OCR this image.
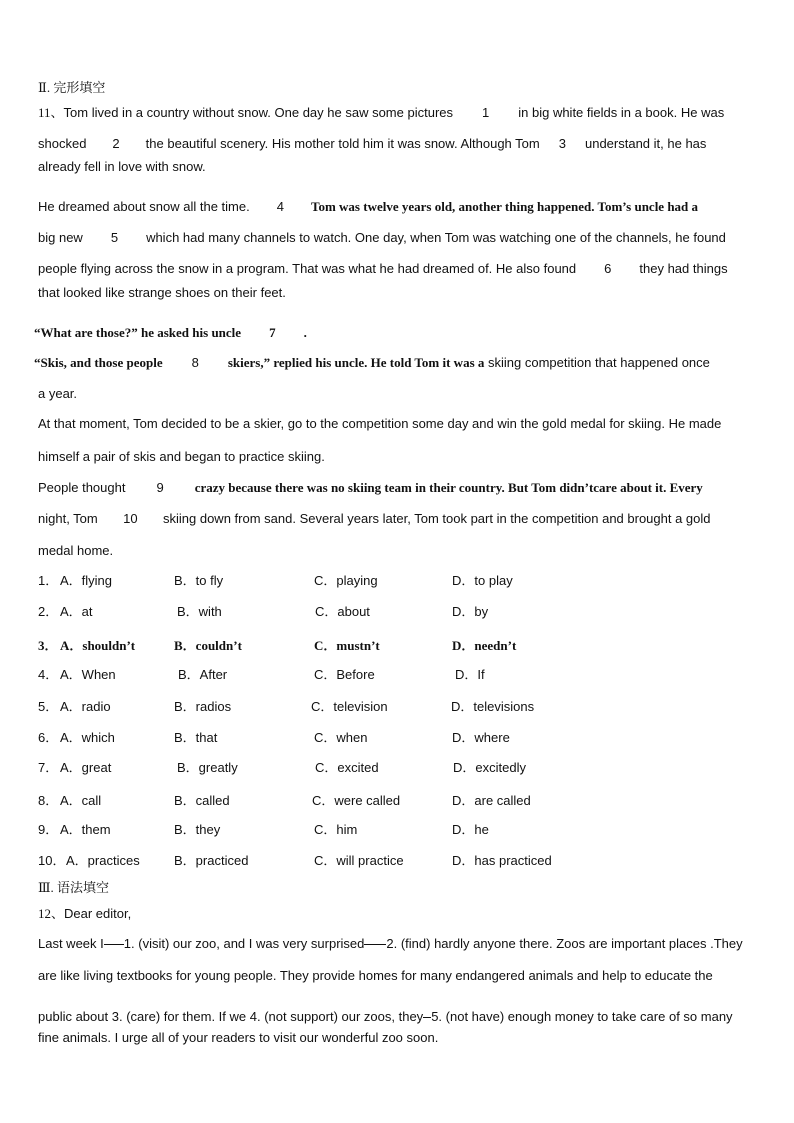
Ⅱ. 完形填空
11、Tom lived in a country without snow. One day he saw some pictures 1 in big white fields in a book. He was
shocked 2 the beautiful scenery. His mother told him it was snow. Although Tom 3 understand it, he has
already fell in love with snow.
He dreamed about snow all the time. 4 Tom was twelve years old, another thing happened. Tom’s uncle had a
big new 5 which had many channels to watch. One day, when Tom was watching one of the channels, he found
people flying across the snow in a program. That was what he had dreamed of. He also found 6 they had things
that looked like strange shoes on their feet.
“What are those?” he asked his uncle 7 .
“Skis, and those people 8 skiers,” replied his uncle. He told Tom it was a skiing competition that happened once
a year.
At that moment, Tom decided to be a skier, go to the competition some day and win the gold medal for skiing. He made
himself a pair of skis and began to practice skiing.
People thought 9 crazy because there was no skiing team in their country. But Tom didn’tcare about it. Every
night, Tom 10 skiing down from sand. Several years later, Tom took part in the competition and brought a gold
medal home.
1． A．flying	B．to fly	C．playing	D．to play
2． A．at	B．with	C．about	D．by
3． A．shouldn’t	B．couldn’t	C．mustn’t	D．needn’t
4． A．When	B．After	C．Before	D．If
5． A．radio	B．radios	C．television	D．televisions
6． A．which	B．that	C．when	D．where
7． A．great	B．greatly	C．excited	D．excitedly
8． A．call	B．called	C．were called	D．are called
9． A．them	B．they	C．him	D．he
10． A．practices	B．practiced	C．will practice	D．has practiced
Ⅲ. 语法填空
12、Dear editor,
Last week I 1. (visit) our zoo, and I was very surprised 2. (find) hardly anyone there. Zoos are important places .They
are like living textbooks for young people. They provide homes for many endangered animals and help to educate the
public about 3. (care) for them. If we 4. (not support) our zoos, they 5. (not have) enough money to take care of so many
fine animals. I urge all of your readers to visit our wonderful zoo soon.
